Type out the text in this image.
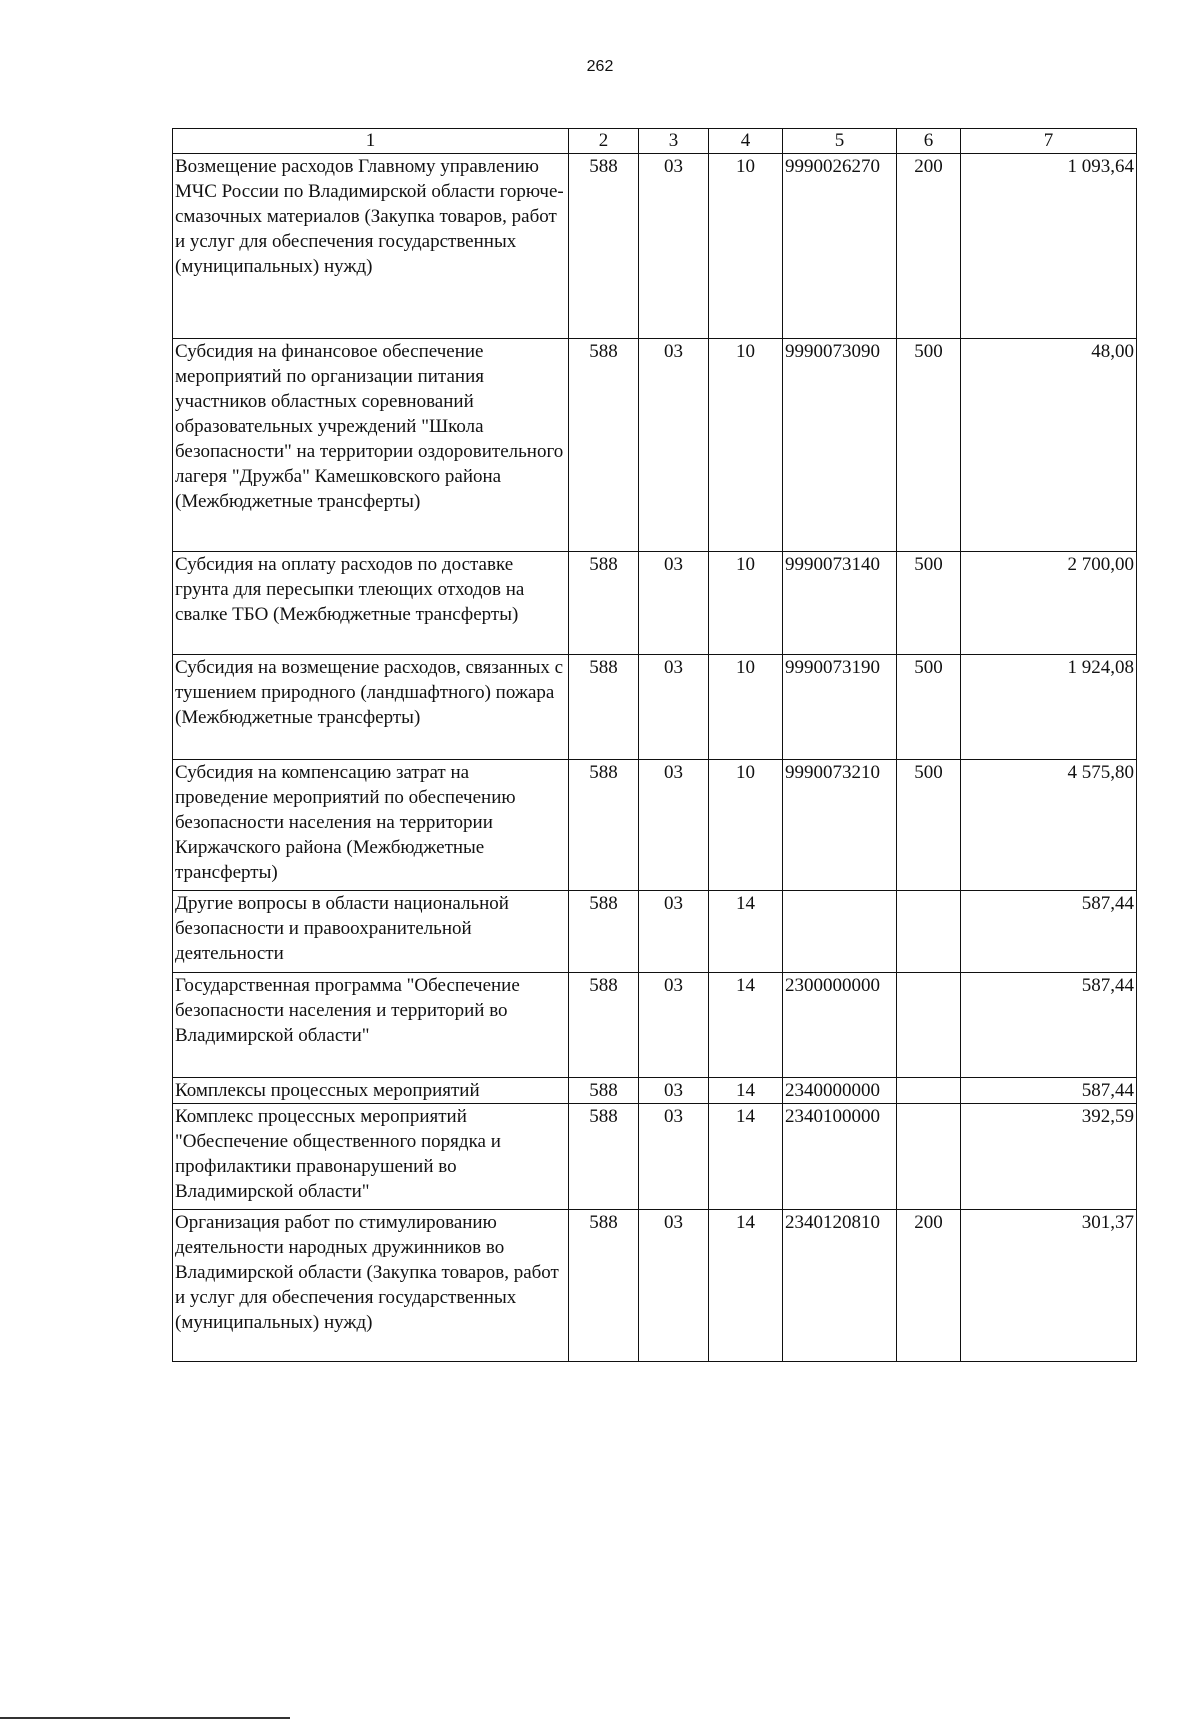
262
1	2	3	4	5	6	7
Возмещение расходов Главному управлению МЧС России по Владимирской области горюче-смазочных материалов (Закупка товаров, работ и услуг для обеспечения государственных (муниципальных) нужд)	588	03	10	9990026270	200	1 093,64
Субсидия на финансовое обеспечение мероприятий по организации питания участников областных соревнований образовательных учреждений "Школа безопасности" на территории оздоровительного лагеря "Дружба" Камешковского района (Межбюджетные трансферты)	588	03	10	9990073090	500	48,00
Субсидия на оплату расходов по доставке грунта для пересыпки тлеющих отходов на свалке ТБО (Межбюджетные трансферты)	588	03	10	9990073140	500	2 700,00
Субсидия на возмещение расходов, связанных с тушением природного (ландшафтного) пожара (Межбюджетные трансферты)	588	03	10	9990073190	500	1 924,08
Субсидия на компенсацию затрат на проведение мероприятий по обеспечению безопасности населения на территории Киржачского района (Межбюджетные трансферты)	588	03	10	9990073210	500	4 575,80
Другие вопросы в области национальной безопасности и правоохранительной деятельности	588	03	14			587,44
Государственная программа "Обеспечение безопасности населения и территорий во Владимирской области"	588	03	14	2300000000		587,44
Комплексы процессных мероприятий	588	03	14	2340000000		587,44
Комплекс процессных мероприятий "Обеспечение общественного порядка и профилактики правонарушений во Владимирской области"	588	03	14	2340100000		392,59
Организация работ по стимулированию деятельности народных дружинников во Владимирской области (Закупка товаров, работ и услуг для обеспечения государственных (муниципальных) нужд)	588	03	14	2340120810	200	301,37
